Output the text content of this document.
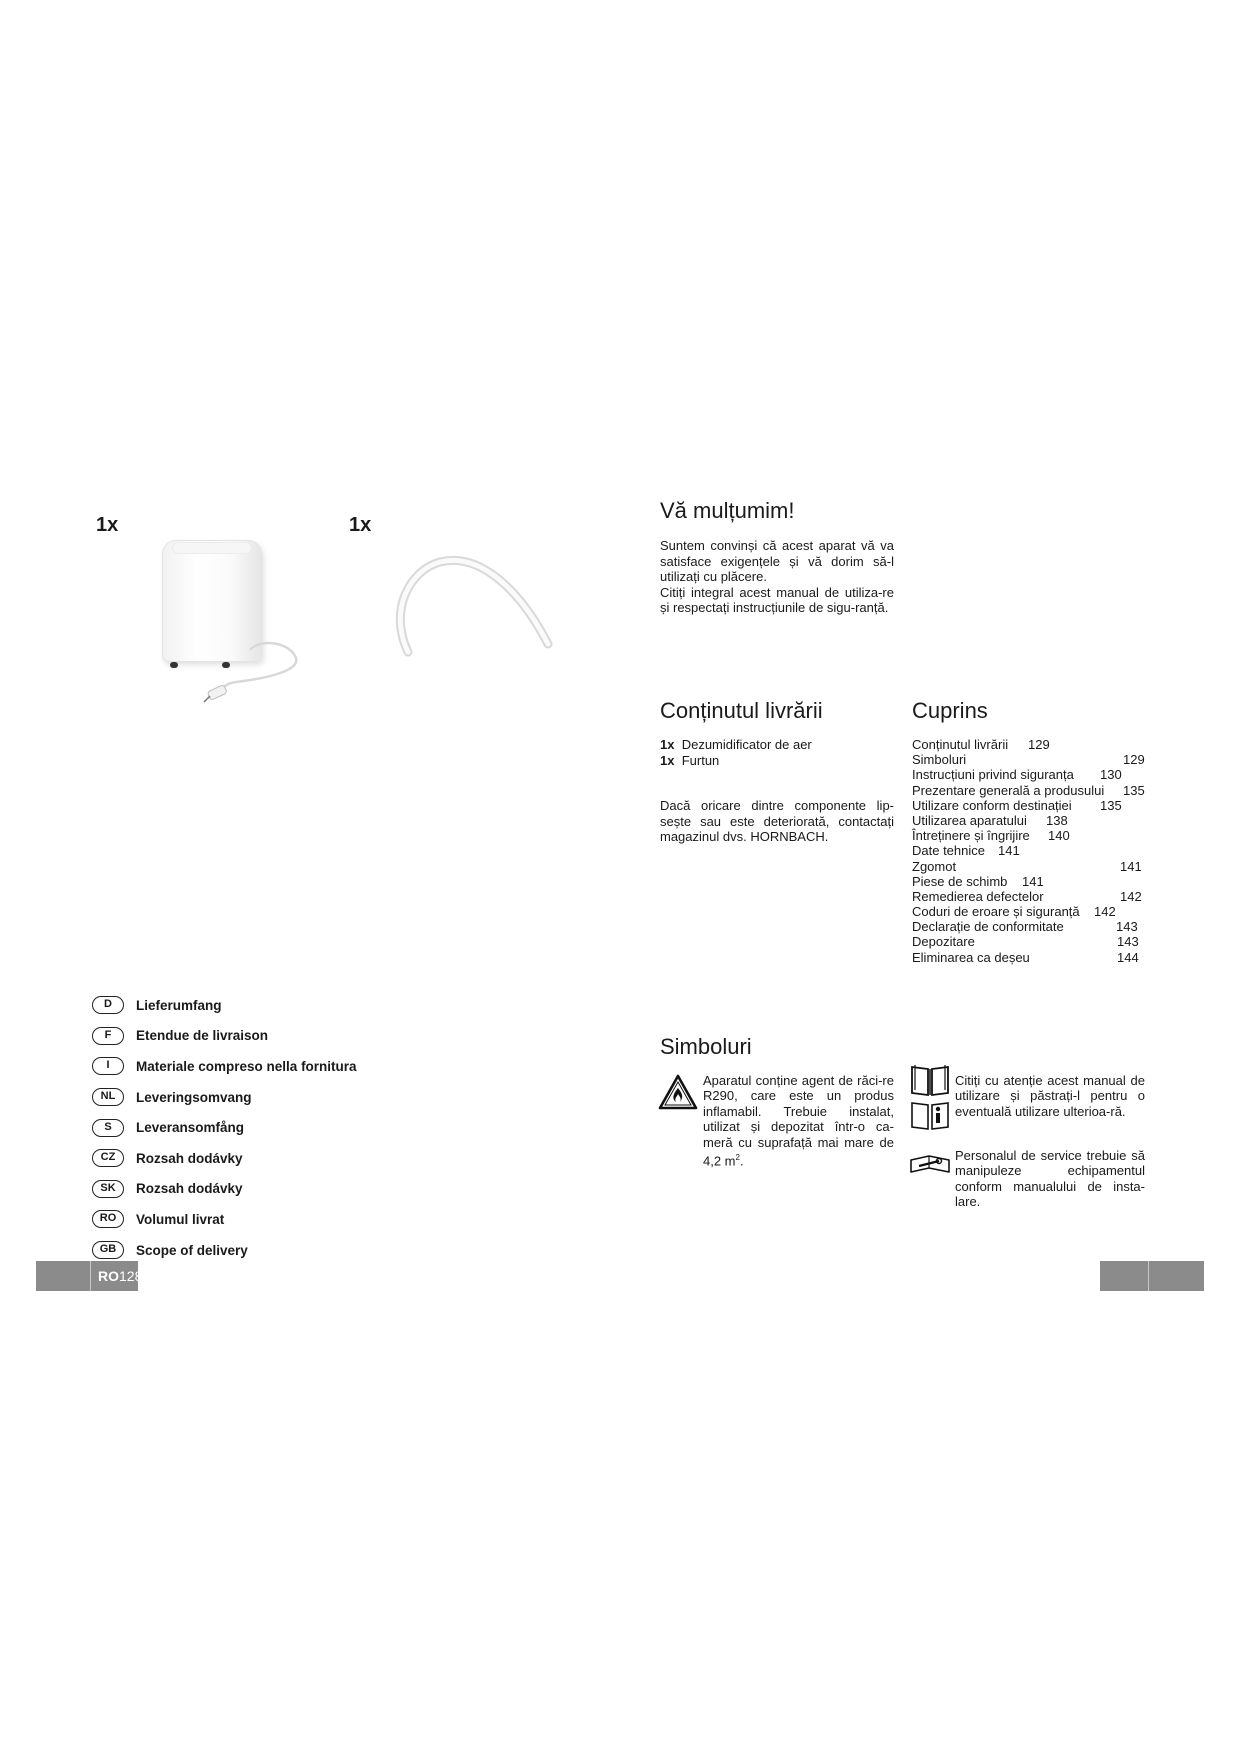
1x	1x
D	Lieferumfang
F	Etendue de livraison
I	Materiale compreso nella fornitura
NL	Leveringsomvang
S	Leveransomfång
CZ	Rozsah dodávky
SK	Rozsah dodávky
RO	Volumul livrat
GB	Scope of delivery
RO128
Vă mulțumim!
Suntem convinși că acest aparat vă va satisface exigențele și vă dorim să-l utilizați cu plăcere.
Citiți integral acest manual de utiliza-re și respectați instrucțiunile de sigu-ranță.
Conținutul livrării
1x Dezumidificator de aer
1x Furtun
Dacă oricare dintre componente lip-sește sau este deteriorată, contactați magazinul dvs. HORNBACH.
Cuprins
Conținutul livrării 129
Simboluri	129
Instrucțiuni privind siguranța 130
Prezentare generală a produsului 135
Utilizare conform destinației 135
Utilizarea aparatului 138
Întreținere și îngrijire 140
Date tehnice 141
Zgomot	141
Piese de schimb 141
Remedierea defectelor	142
Coduri de eroare și siguranță 142
Declarație de conformitate	143
Depozitare	143
Eliminarea ca deșeu	144
Simboluri
Aparatul conține agent de răci-re R290, care este un produs inflamabil. Trebuie instalat, utilizat și depozitat într-o ca-meră cu suprafață mai mare de 4,2 $m^2$.
Citiți cu atenție acest manual de utilizare și păstrați-l pentru o eventuală utilizare ulterioa-ră.
Personalul de service trebuie să manipuleze echipamentul conform manualului de insta-lare.
